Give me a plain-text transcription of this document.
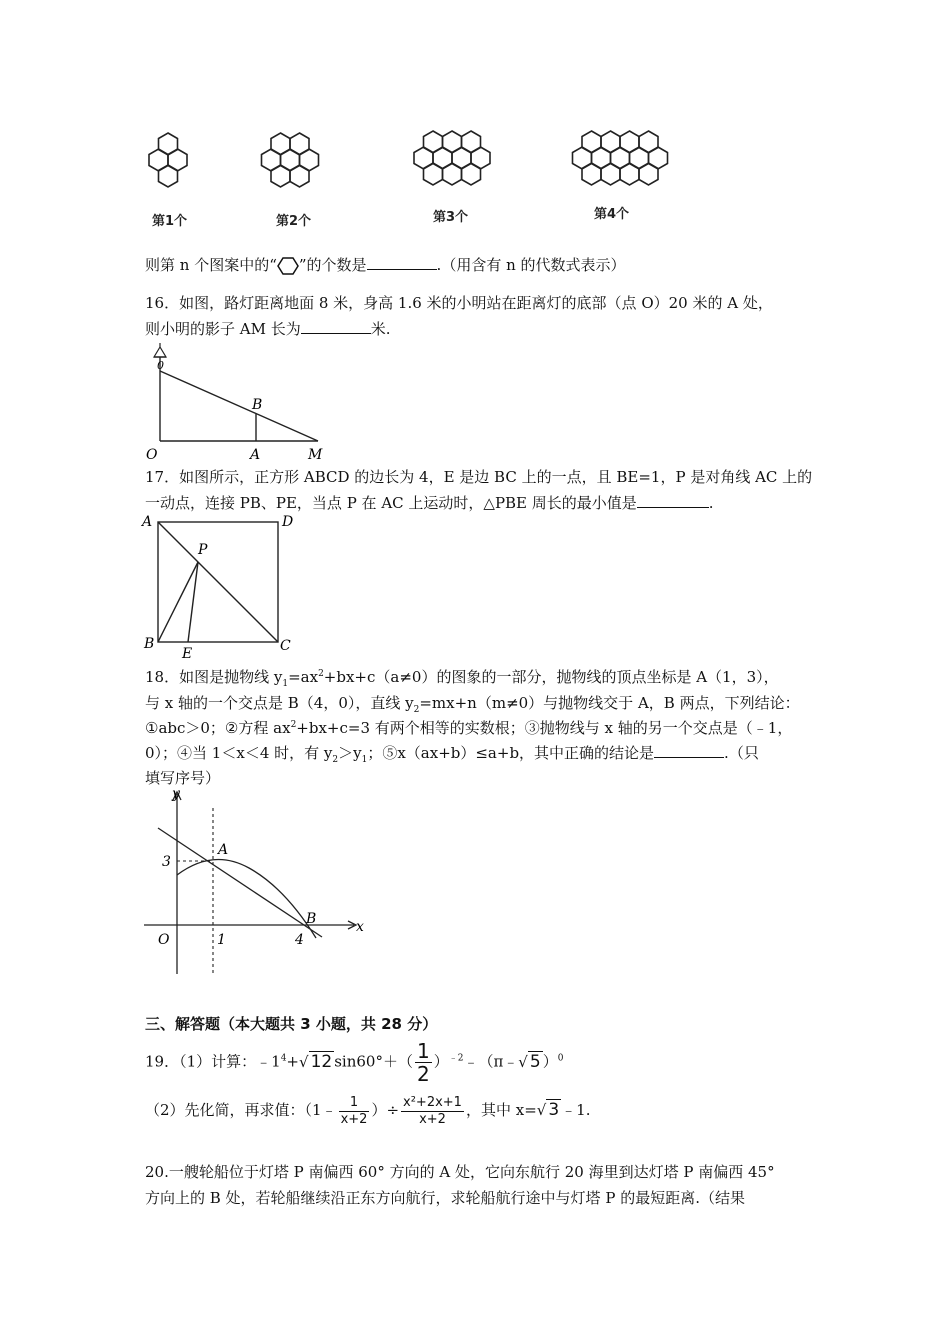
第1个	第2个	第3个	第4个
则第 n 个图案中的“ ”的个数是	.（用含有 n 的代数式表示）
16．如图，路灯距离地面 8 米，身高 1.6 米的小明站在距离灯的底部（点 O）20 米的 A 处，
则小明的影子 AM 长为	米.
0
B
O	A	M
17．如图所示，正方形 ABCD 的边长为 4，E 是边 BC 上的一点，且 BE=1，P 是对角线 AC 上的
一动点，连接 PB、PE，当点 P 在 AC 上运动时，△PBE 周长的最小值是	.
A	D
P
B
E	C
18．如图是抛物线 $y_1=ax^2+bx+c(a\ne 0)$的图象的一部分，抛物线的顶点坐标是 A（1，3），
与 x 轴的一个交点是 B（4，0），直线 $y_2=mx+n(m\ne 0)$与抛物线交于 A，B 两点，下列结论：
①abc＞0；②方程 $ax^2+bx+c=3$ 有两个相等的实数根；③抛物线与 x 轴的另一个交点是（﹣1，
0）；④当 1＜x＜4 时，有 $y_2>y_1$；⑤x（ax+b）≤a+b，其中正确的结论是	.（只
填写序号）
y
x
3
A
B
O	1	4
三、解答题（本大题共 3 小题，共 28 分）
19．（1）计算：$﹣1^4+√$ 12 $\sin 60^\circ+( \frac{1}{2}$ ）$^{﹣2}﹣(\pi﹣√$ 5 ）$^0$
（2）先化简，再求值：（1﹣ $\frac{1}{x+2}$ ）÷ $\frac{\text{x²+2x+1}}{x+2}$ ，其中 x=√ 3 ﹣1.
20.一艘轮船位于灯塔 P 南偏西 60° 方向的 A 处，它向东航行 20 海里到达灯塔 P 南偏西 45°
方向上的 B 处，若轮船继续沿正东方向航行，求轮船航行途中与灯塔 P 的最短距离.（结果
